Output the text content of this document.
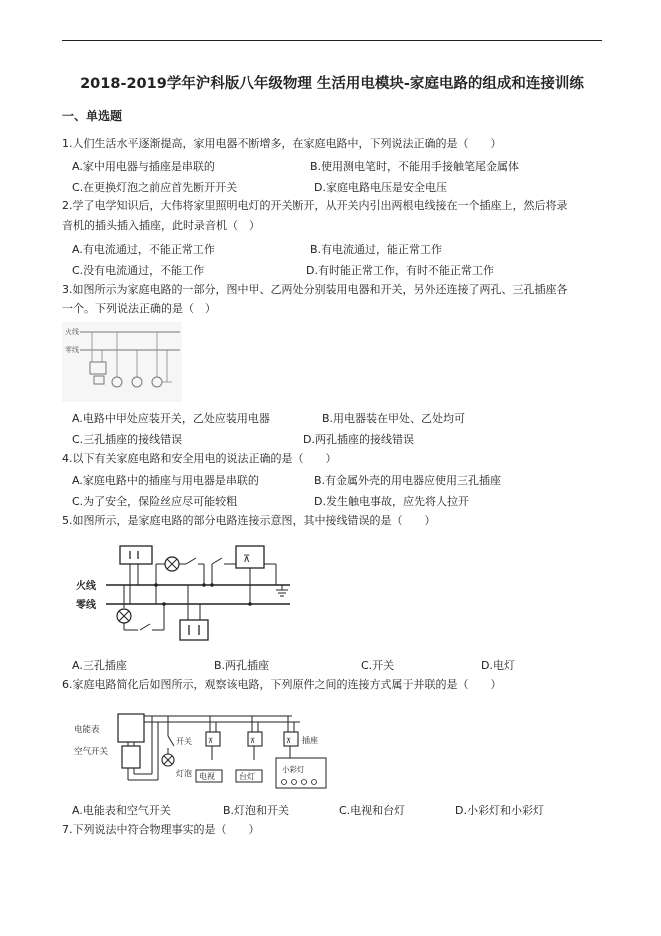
2018-2019学年沪科版八年级物理 生活用电模块-家庭电路的组成和连接训练
一、单选题
1.人们生活水平逐渐提高，家用电器不断增多，在家庭电路中，下列说法正确的是（　　）
A.家中用电器与插座是串联的	B.使用测电笔时，不能用手接触笔尾金属体
C.在更换灯泡之前应首先断开开关	D.家庭电路电压是安全电压
2.学了电学知识后，大伟将家里照明电灯的开关断开，从开关内引出两根电线接在一个插座上，然后将录
音机的插头插入插座，此时录音机（　）
A.有电流通过，不能正常工作	B.有电流通过，能正常工作
C.没有电流通过，不能工作	D.有时能正常工作，有时不能正常工作
3.如图所示为家庭电路的一部分，图中甲、乙两处分别装用电器和开关，另外还连接了两孔、三孔插座各
一个。下列说法正确的是（　）
火线
零线
A.电路中甲处应装开关，乙处应装用电器	B.用电器装在甲处、乙处均可
C.三孔插座的接线错误	D.两孔插座的接线错误
4.以下有关家庭电路和安全用电的说法正确的是（　　）
A.家庭电路中的插座与用电器是串联的	B.有金属外壳的用电器应使用三孔插座
C.为了安全，保险丝应尽可能较粗	D.发生触电事故，应先将人拉开
5.如图所示，是家庭电路的部分电路连接示意图，其中接线错误的是（　　）
火线
零线
⊼
A.三孔插座	B.两孔插座	C.开关	D.电灯
6.家庭电路简化后如图所示，观察该电路，下列原件之间的连接方式属于并联的是（　　）
电能表
空气开关
开关
灯泡
⊼
电视
⊼
台灯
⊼ 插座
小彩灯
A.电能表和空气开关	B.灯泡和开关	C.电视和台灯	D.小彩灯和小彩灯
7.下列说法中符合物理事实的是（　　）
